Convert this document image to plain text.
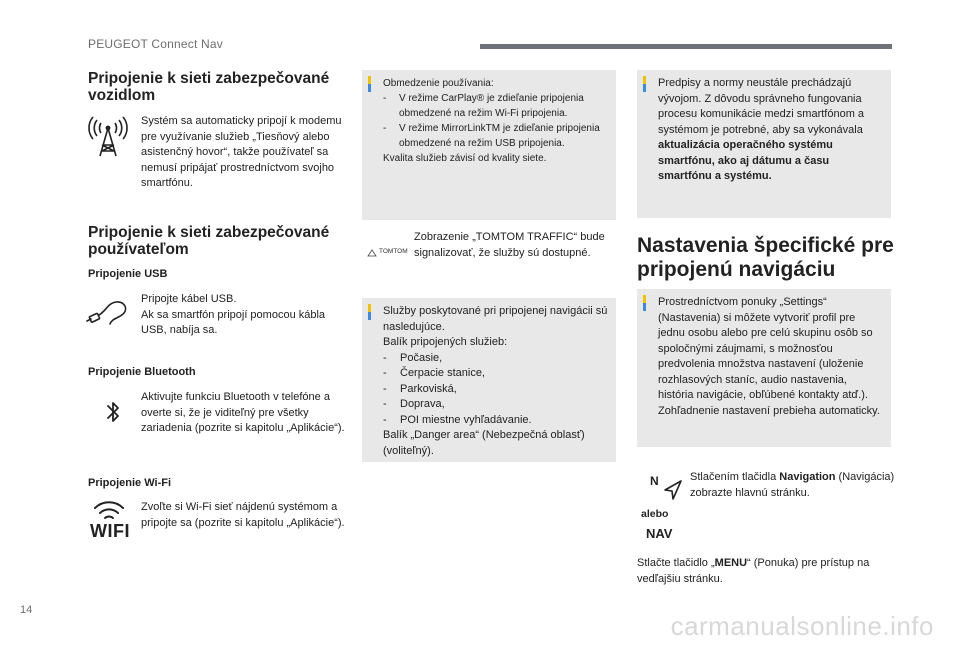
PEUGEOT Connect Nav
14
carmanualsonline.info
Pripojenie k sieti zabezpečované vozidlom
Systém sa automaticky pripojí k modemu pre využívanie služieb „Tiesňový alebo asistenčný hovor“, takže používateľ sa nemusí pripájať prostredníctvom svojho smartfónu.
Pripojenie k sieti zabezpečované používateľom
Pripojenie USB
Pripojte kábel USB.
Ak sa smartfón pripojí pomocou kábla USB, nabíja sa.
Pripojenie Bluetooth
Aktivujte funkciu Bluetooth v telefóne a overte si, že je viditeľný pre všetky zariadenia (pozrite si kapitolu „Aplikácie“).
Pripojenie Wi-Fi
WIFI
Zvoľte si Wi-Fi sieť nájdenú systémom a pripojte sa (pozrite si kapitolu „Aplikácie“).
Obmedzenie používania:
-	V režime CarPlay® je zdieľanie pripojenia obmedzené na režim Wi-Fi pripojenia.
-	V režime MirrorLinkTM je zdieľanie pripojenia obmedzené na režim USB pripojenia.
Kvalita služieb závisí od kvality siete.
TOMTOM
Zobrazenie „TOMTOM TRAFFIC“ bude signalizovať, že služby sú dostupné.
Služby poskytované pri pripojenej navigácii sú nasledujúce.
Balík pripojených služieb:
-	Počasie,
-	Čerpacie stanice,
-	Parkoviská,
-	Doprava,
-	POI miestne vyhľadávanie.
Balík „Danger area“ (Nebezpečná oblasť) (voliteľný).
Predpisy a normy neustále prechádzajú vývojom. Z dôvodu správneho fungovania procesu komunikácie medzi smartfónom a systémom je potrebné, aby sa vykonávala aktualizácia operačného systému smartfónu, ako aj dátumu a času smartfónu a systému.
Nastavenia špecifické pre pripojenú navigáciu
Prostredníctvom ponuky „Settings“ (Nastavenia) si môžete vytvoriť profil pre jednu osobu alebo pre celú skupinu osôb so spoločnými záujmami, s možnosťou predvolenia množstva nastavení (uloženie rozhlasových staníc, audio nastavenia, história navigácie, obľúbené kontakty atď.). Zohľadnenie nastavení prebieha automaticky.
N
alebo
NAV
Stlačením tlačidla Navigation (Navigácia) zobrazte hlavnú stránku.
Stlačte tlačidlo „MENU“ (Ponuka) pre prístup na vedľajšiu stránku.
